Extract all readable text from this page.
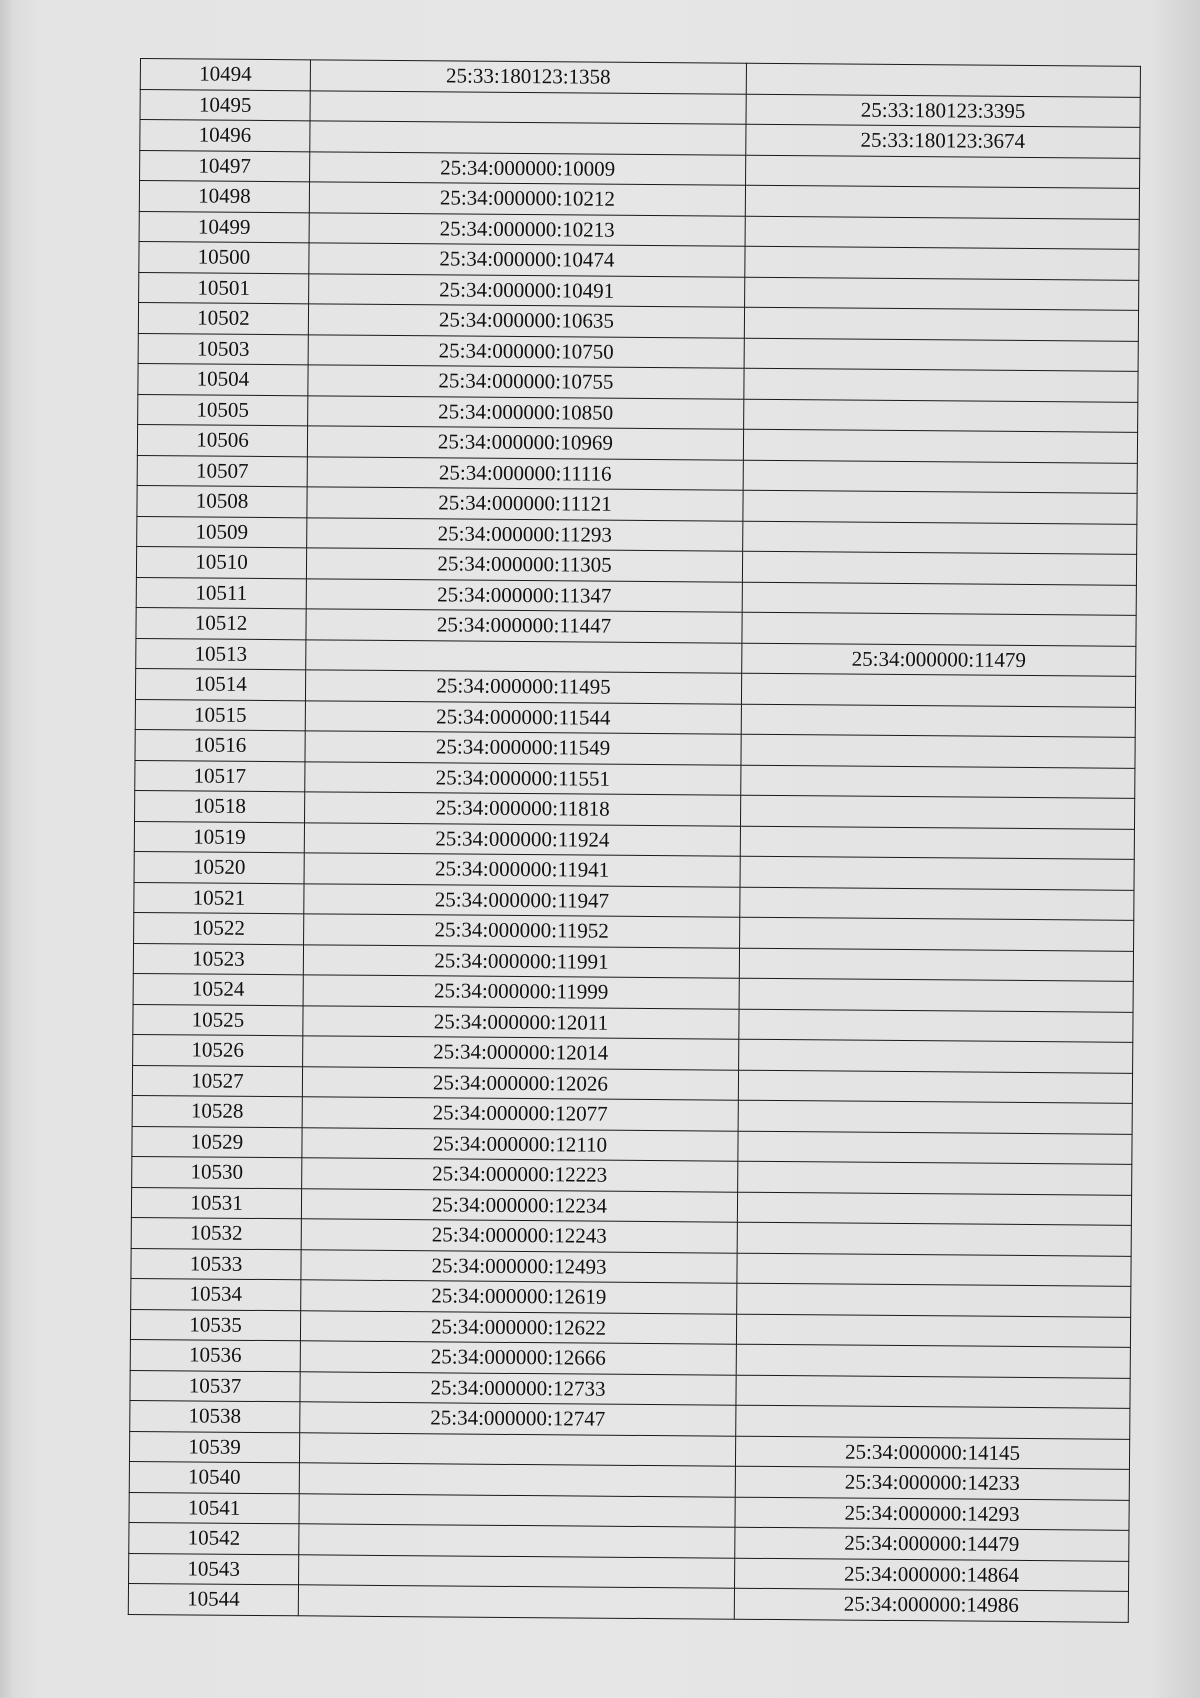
10494	25:33:180123:1358	
10495		25:33:180123:3395
10496		25:33:180123:3674
10497	25:34:000000:10009	
10498	25:34:000000:10212	
10499	25:34:000000:10213	
10500	25:34:000000:10474	
10501	25:34:000000:10491	
10502	25:34:000000:10635	
10503	25:34:000000:10750	
10504	25:34:000000:10755	
10505	25:34:000000:10850	
10506	25:34:000000:10969	
10507	25:34:000000:11116	
10508	25:34:000000:11121	
10509	25:34:000000:11293	
10510	25:34:000000:11305	
10511	25:34:000000:11347	
10512	25:34:000000:11447	
10513		25:34:000000:11479
10514	25:34:000000:11495	
10515	25:34:000000:11544	
10516	25:34:000000:11549	
10517	25:34:000000:11551	
10518	25:34:000000:11818	
10519	25:34:000000:11924	
10520	25:34:000000:11941	
10521	25:34:000000:11947	
10522	25:34:000000:11952	
10523	25:34:000000:11991	
10524	25:34:000000:11999	
10525	25:34:000000:12011	
10526	25:34:000000:12014	
10527	25:34:000000:12026	
10528	25:34:000000:12077	
10529	25:34:000000:12110	
10530	25:34:000000:12223	
10531	25:34:000000:12234	
10532	25:34:000000:12243	
10533	25:34:000000:12493	
10534	25:34:000000:12619	
10535	25:34:000000:12622	
10536	25:34:000000:12666	
10537	25:34:000000:12733	
10538	25:34:000000:12747	
10539		25:34:000000:14145
10540		25:34:000000:14233
10541		25:34:000000:14293
10542		25:34:000000:14479
10543		25:34:000000:14864
10544		25:34:000000:14986
